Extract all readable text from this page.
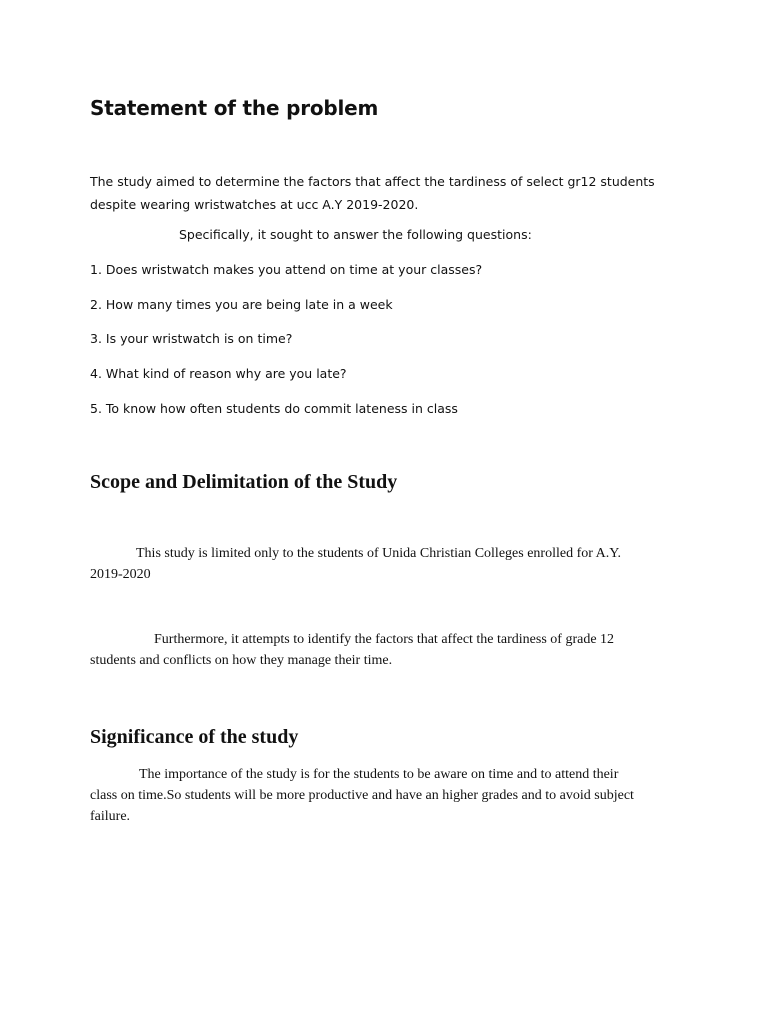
Statement of the problem
The study aimed to determine the factors that affect the tardiness of select gr12 students
despite wearing wristwatches at ucc A.Y 2019-2020.

Specifically, it sought to answer the following questions:

1. Does wristwatch makes you attend on time at your classes?

2. How many times you are being late in a week

3. Is your wristwatch is on time?

4. What kind of reason why are you late?

5. To know how often students do commit lateness in class

Scope and Delimitation of the Study
This study is limited only to the students of Unida Christian Colleges enrolled for A.Y.
2019-2020
Furthermore, it attempts to identify the factors that affect the tardiness of grade 12
students and conflicts on how they manage their time.
Significance of the study
The importance of the study is for the students to be aware on time and to attend their
class on time.So students will be more productive and have an higher grades and to avoid subject
failure.
